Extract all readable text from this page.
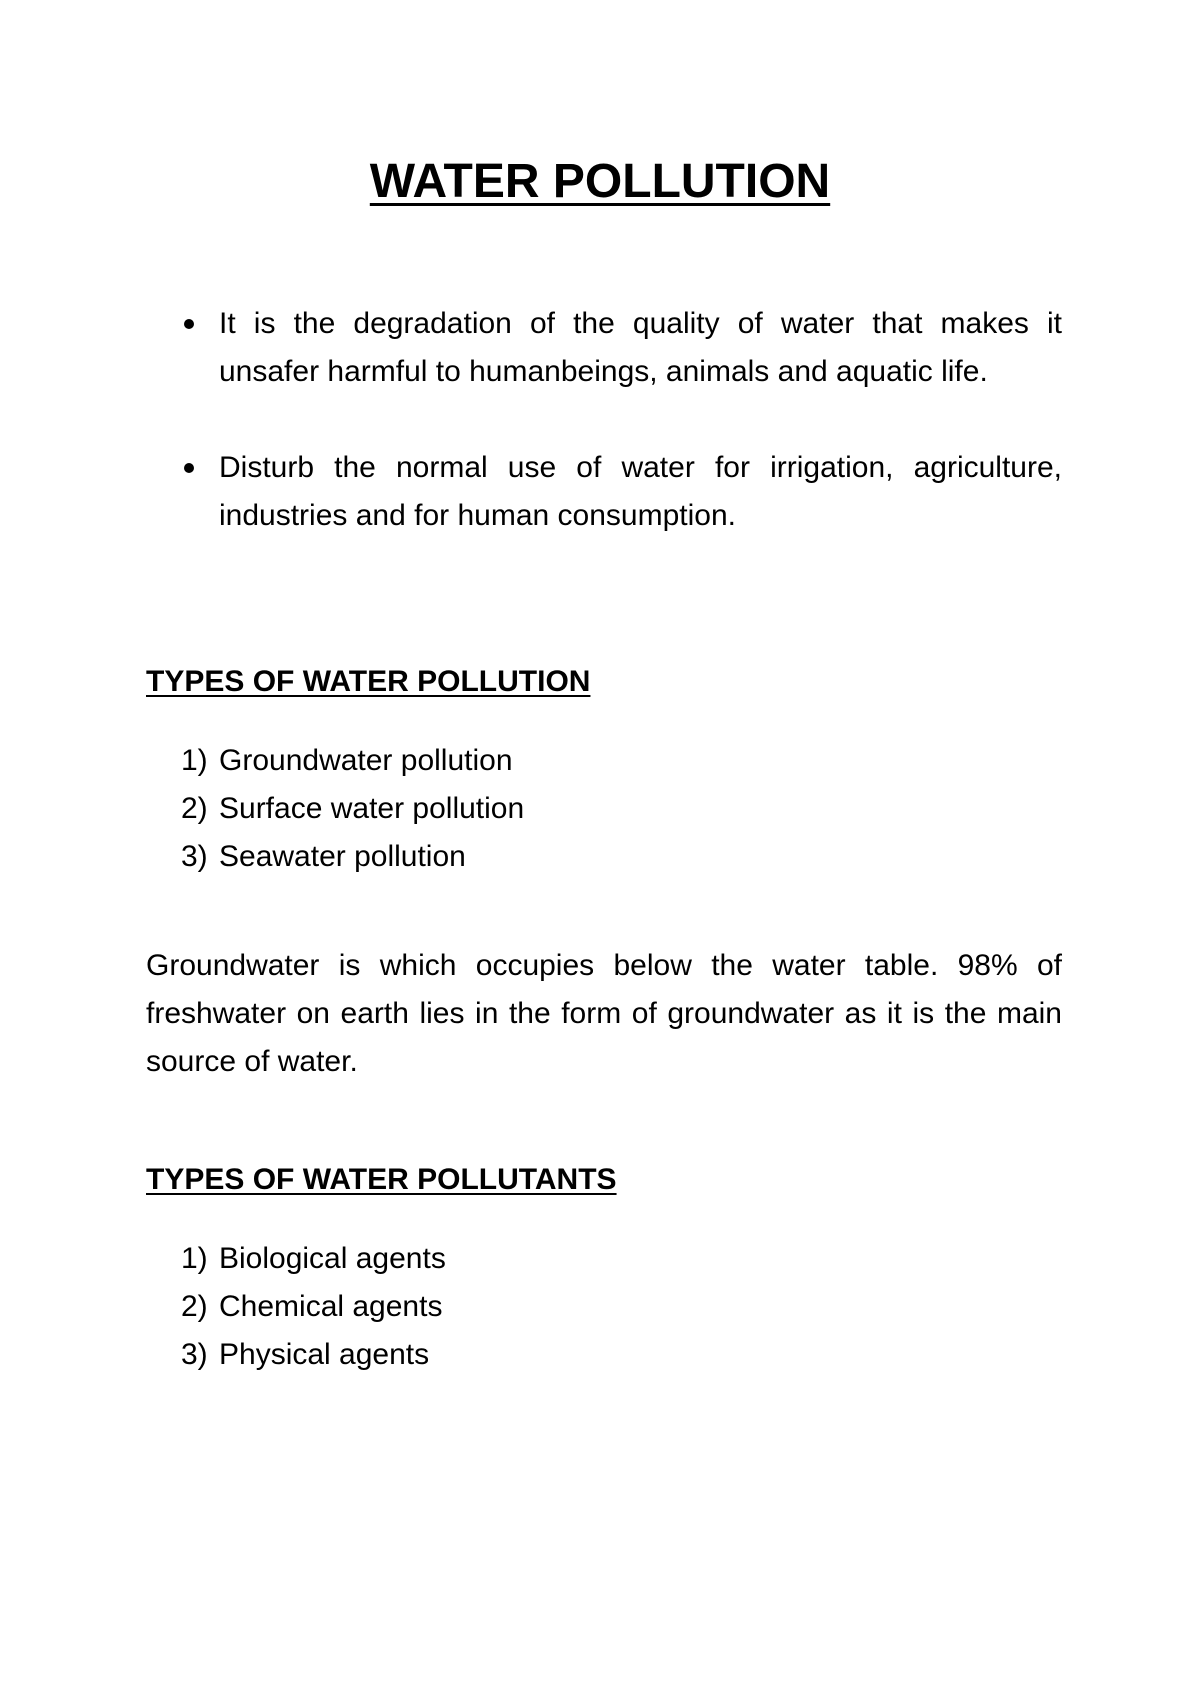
WATER POLLUTION
It is the degradation of the quality of water that makes it unsafer harmful to humanbeings, animals and aquatic life.
Disturb the normal use of water for irrigation, agriculture, industries and for human consumption.
TYPES OF WATER POLLUTION
1) Groundwater pollution
2) Surface water pollution
3) Seawater pollution

Groundwater is which occupies below the water table. 98% of freshwater on earth lies in the form of groundwater as it is the main source of water.

TYPES OF WATER POLLUTANTS
1) Biological agents
2) Chemical agents
3) Physical agents
